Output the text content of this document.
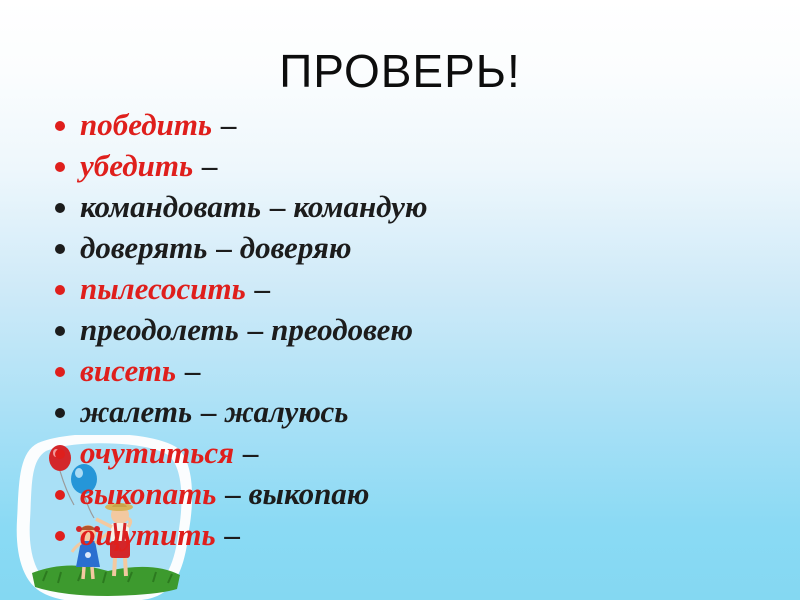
ПРОВЕРЬ!
победить –
убедить –
командовать – командую
доверять – доверяю
пылесосить –
преодолеть – преодовею
висеть –
жалеть – жалуюсь
очутиться –
выкопать – выкопаю
ощутить –
